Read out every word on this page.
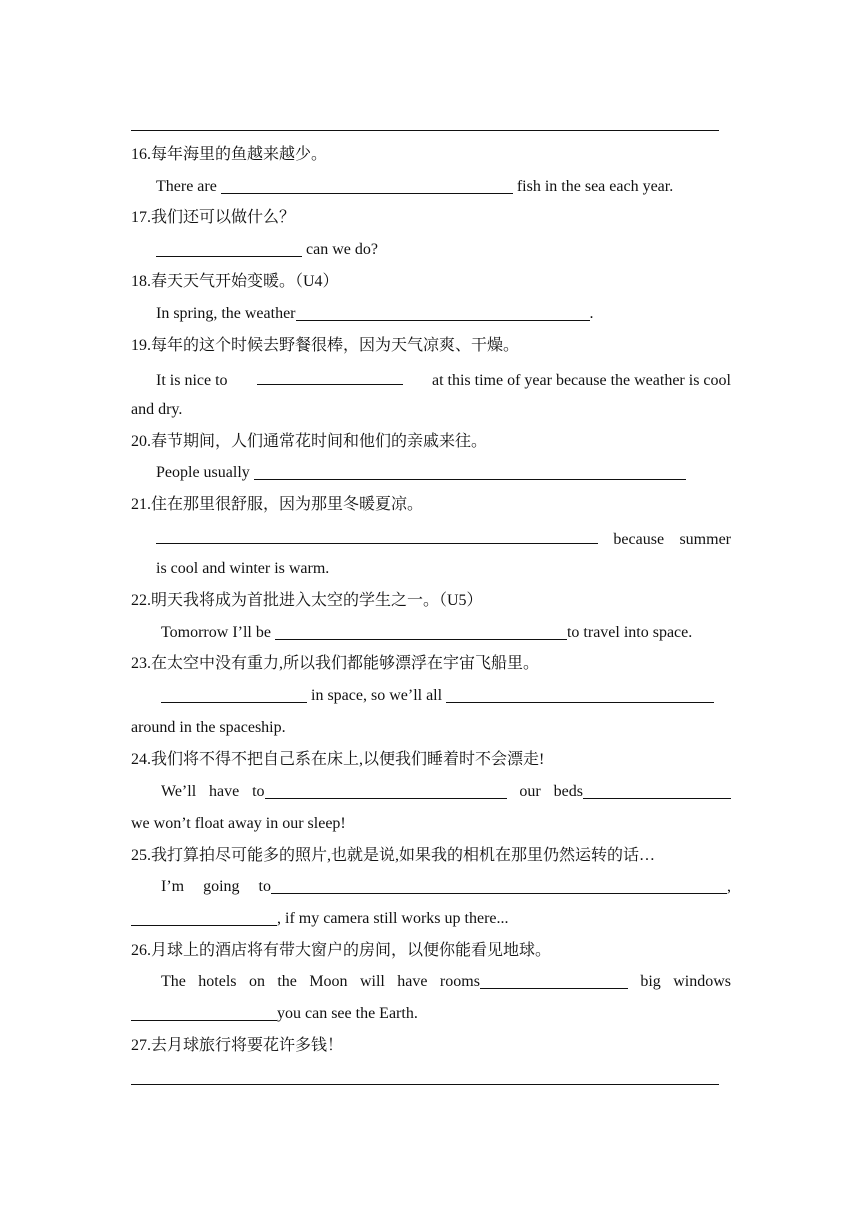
16.每年海里的鱼越来越少。
There are	fish in the sea each year.
17.我们还可以做什么？
can we do?
18.春天天气开始变暖。（U4）
In spring, the weather	.
19.每年的这个时候去野餐很棒，因为天气凉爽、干燥。
It is nice to	at this time of year because the weather is cool
and dry.
20.春节期间，人们通常花时间和他们的亲戚来往。
People usually
21.住在那里很舒服，因为那里冬暖夏凉。
because summer
is cool and winter is warm.
22.明天我将成为首批进入太空的学生之一。（U5）
Tomorrow I’ll be	to travel into space.
23.在太空中没有重力,所以我们都能够漂浮在宇宙飞船里。
in space, so we’ll all
around in the spaceship.
24.我们将不得不把自己系在床上,以便我们睡着时不会漂走!
We’ll have to	our beds
we won’t float away in our sleep!
25.我打算拍尽可能多的照片,也就是说,如果我的相机在那里仍然运转的话…
I’m going to	,
, if my camera still works up there...
26.月球上的酒店将有带大窗户的房间，以便你能看见地球。
The hotels on the Moon will have rooms	big windows
you can see the Earth.
27.去月球旅行将要花许多钱！
